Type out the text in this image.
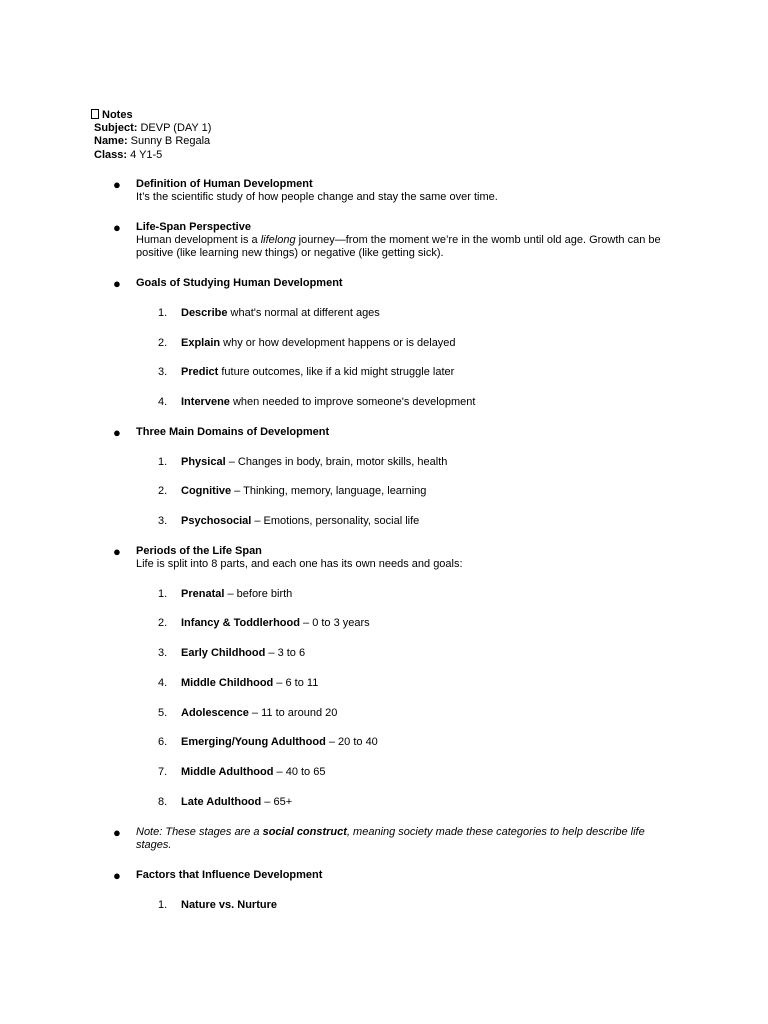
Notes
Subject: DEVP (DAY 1)
Name: Sunny B Regala
Class: 4 Y1-5
● Definition of Human Development
It’s the scientific study of how people change and stay the same over time.
● Life-Span Perspective
Human development is a lifelong journey—from the moment we’re in the womb until old age. Growth can be positive (like learning new things) or negative (like getting sick).
● Goals of Studying Human Development
1. Describe what's normal at different ages
2. Explain why or how development happens or is delayed
3. Predict future outcomes, like if a kid might struggle later
4. Intervene when needed to improve someone's development
● Three Main Domains of Development
1. Physical – Changes in body, brain, motor skills, health
2. Cognitive – Thinking, memory, language, learning
3. Psychosocial – Emotions, personality, social life
● Periods of the Life Span
Life is split into 8 parts, and each one has its own needs and goals:
1. Prenatal – before birth
2. Infancy & Toddlerhood – 0 to 3 years
3. Early Childhood – 3 to 6
4. Middle Childhood – 6 to 11
5. Adolescence – 11 to around 20
6. Emerging/Young Adulthood – 20 to 40
7. Middle Adulthood – 40 to 65
8. Late Adulthood – 65+
● Note: These stages are a social construct, meaning society made these categories to help describe life stages.
● Factors that Influence Development
1. Nature vs. Nurture
